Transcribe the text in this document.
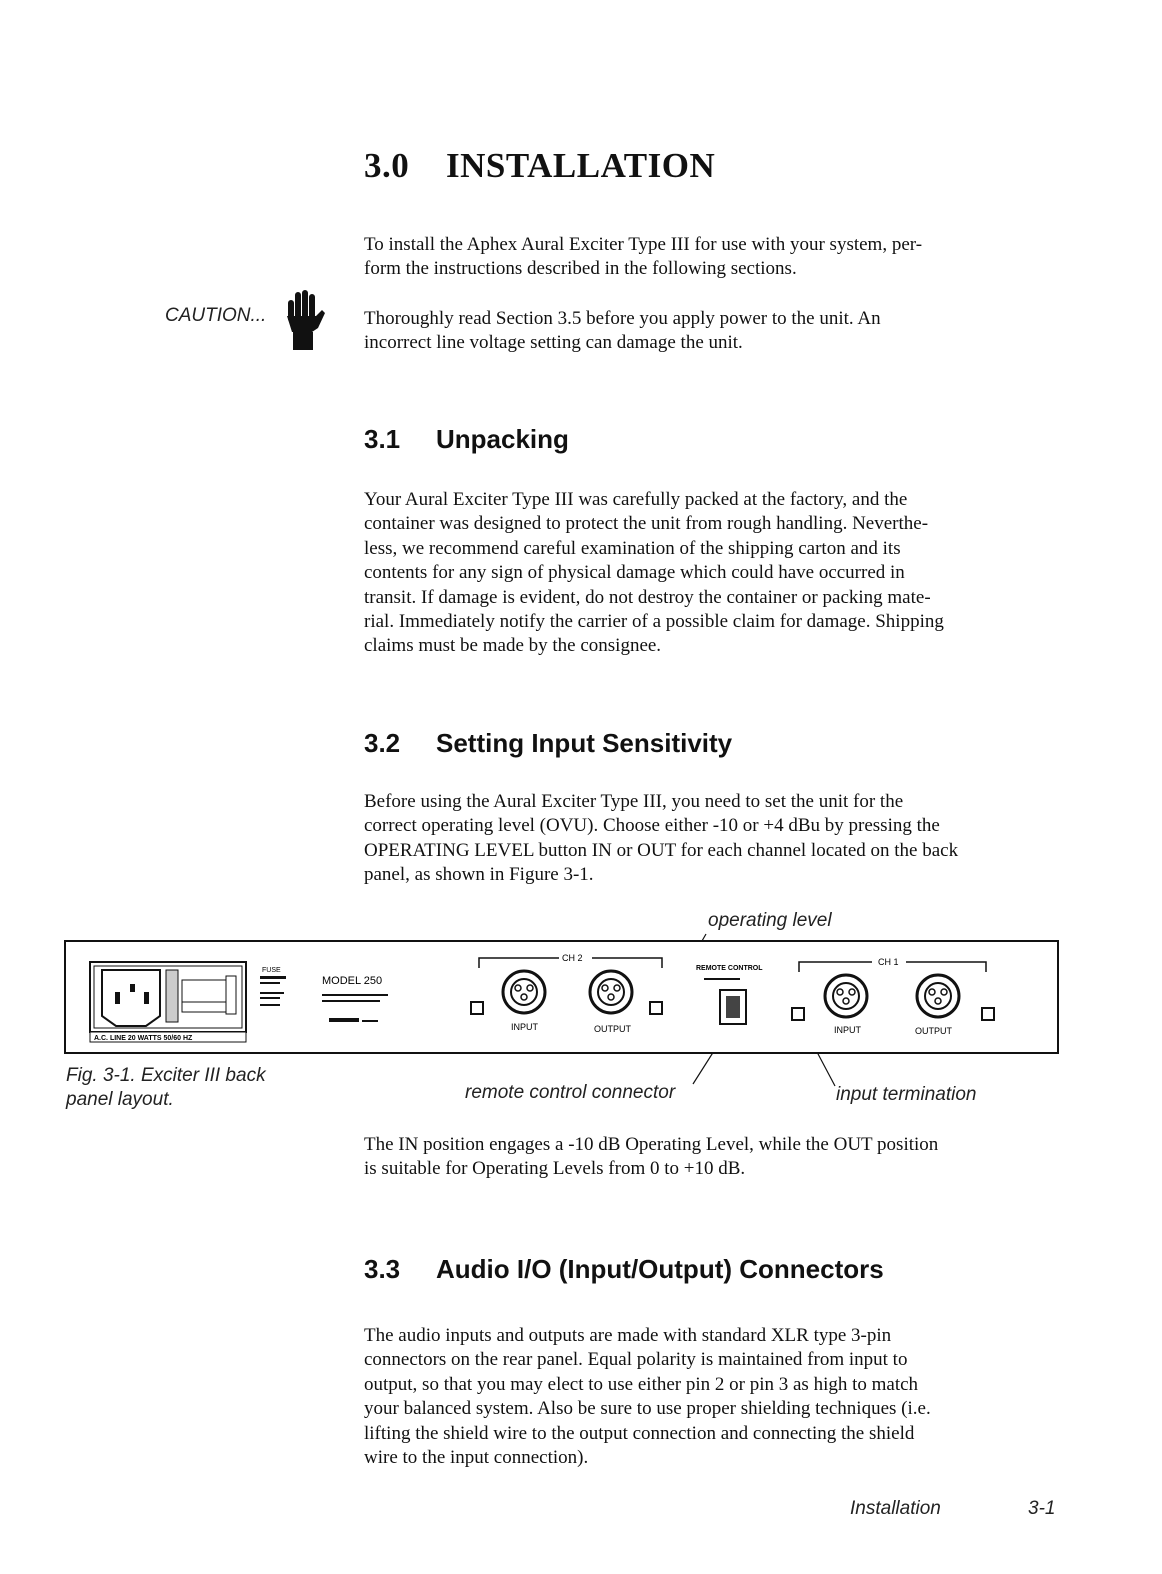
3.0 INSTALLATION

To install the Aphex Aural Exciter Type III for use with your system, per-
form the instructions described in the following sections.

CAUTION...	Thoroughly read Section 3.5 before you apply power to the unit. An
incorrect line voltage setting can damage the unit.

3.1 Unpacking

Your Aural Exciter Type III was carefully packed at the factory, and the
container was designed to protect the unit from rough handling. Neverthe-
less, we recommend careful examination of the shipping carton and its
contents for any sign of physical damage which could have occurred in
transit. If damage is evident, do not destroy the container or packing mate-
rial. Immediately notify the carrier of a possible claim for damage. Shipping
claims must be made by the consignee.

3.2 Setting Input Sensitivity

Before using the Aural Exciter Type III, you need to set the unit for the
correct operating level (OVU). Choose either -10 or +4 dBu by pressing the
OPERATING LEVEL button IN or OUT for each channel located on the back
panel, as shown in Figure 3-1.

operating level
remote control connector	input termination
A.C. LINE 20 WATTS 50/60 HZ
FUSE
MODEL 250
CH 2
INPUT	OUTPUT
REMOTE CONTROL
CH 1
INPUT	OUTPUT
Fig. 3-1. Exciter III back
panel layout.

The IN position engages a -10 dB Operating Level, while the OUT position
is suitable for Operating Levels from 0 to +10 dB.

3.3 Audio I/O (Input/Output) Connectors

The audio inputs and outputs are made with standard XLR type 3-pin
connectors on the rear panel. Equal polarity is maintained from input to
output, so that you may elect to use either pin 2 or pin 3 as high to match
your balanced system. Also be sure to use proper shielding techniques (i.e.
lifting the shield wire to the output connection and connecting the shield
wire to the input connection).

Installation	3-1
